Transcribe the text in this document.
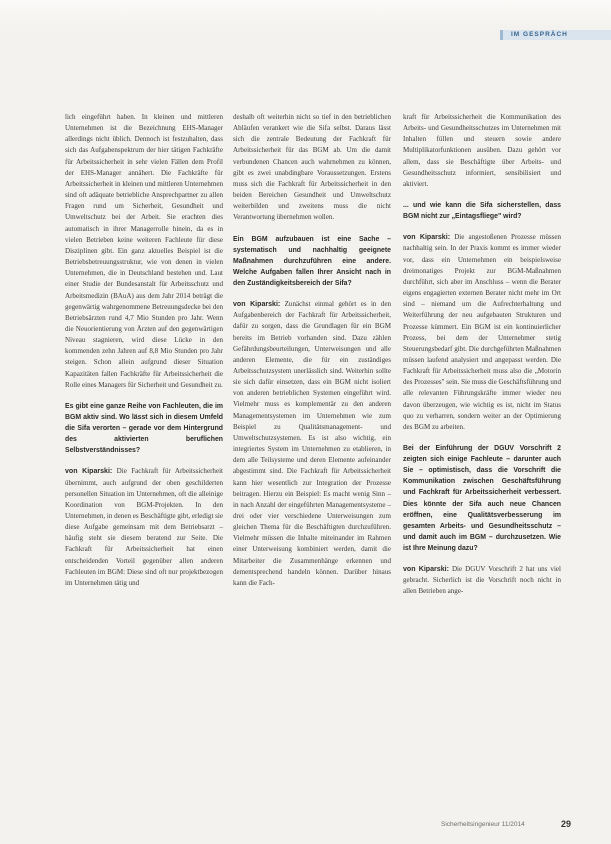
IM GESPRÄCH

lich eingeführt haben. In kleinen und mittleren Unternehmen ist die Bezeichnung EHS-Manager allerdings nicht üblich. Dennoch ist festzuhalten, dass sich das Aufgabenspektrum der hier tätigen Fachkräfte für Arbeitssicherheit in sehr vielen Fällen dem Profil der EHS-Manager annähert. Die Fachkräfte für Arbeitssicherheit in kleinen und mittleren Unternehmen sind oft adäquate betriebliche Ansprechpartner zu allen Fragen rund um Sicherheit, Gesundheit und Umweltschutz bei der Arbeit. Sie erachten dies automatisch in ihrer Managerrolle hinein, da es in vielen Betrieben keine weiteren Fachleute für diese Disziplinen gibt. Ein ganz aktuelles Beispiel ist die Betriebsbetreuungsstruktur, wie von denen in vielen Unternehmen, die in Deutschland bestehen und. Laut einer Studie der Bundesanstalt für Arbeitsschutz und Arbeitsmedizin (BAuA) aus dem Jahr 2014 beträgt die gegenwärtig wahrgenommene Betreuungsdecke bei den Betriebsärzten rund 4,7 Mio Stunden pro Jahr. Wenn die Neuorientierung von Ärzten auf den gegenwärtigen Niveau stagnieren, wird diese Lücke in den kommenden zehn Jahren auf 8,8 Mio Stunden pro Jahr steigen. Schon allein aufgrund dieser Situation Kapazitäten fallen Fachkräfte für Arbeitssicherheit die Rolle eines Managers für Sicherheit und Gesundheit zu.

Es gibt eine ganze Reihe von Fachleuten, die im BGM aktiv sind. Wo lässt sich in diesem Umfeld die Sifa verorten – gerade vor dem Hintergrund des aktivierten beruflichen Selbstverständnisses?

von Kiparski: Die Fachkraft für Arbeitssicherheit übernimmt, auch aufgrund der oben geschilderten personellen Situation im Unternehmen, oft die alleinige Koordination von BGM-Projekten. In den Unternehmen, in denen es Beschäftigte gibt, erledigt sie diese Aufgabe gemeinsam mit dem Betriebsarzt – häufig steht sie diesem beratend zur Seite. Die Fachkraft für Arbeitssicherheit hat einen entscheidenden Vorteil gegenüber allen anderen Fachleuten im BGM: Diese sind oft nur projektbezogen im Unternehmen tätig und

deshalb oft weiterhin nicht so tief in den betrieblichen Abläufen verankert wie die Sifa selbst. Daraus lässt sich die zentrale Bedeutung der Fachkraft für Arbeitssicherheit für das BGM ab. Um die damit verbundenen Chancen auch wahrnehmen zu können, gibt es zwei unabdingbare Voraussetzungen. Erstens muss sich die Fachkraft für Arbeitssicherheit in den beiden Bereichen Gesundheit und Umweltschutz weiterbilden und zweitens muss die nicht Verantwortung übernehmen wollen.

Ein BGM aufzubauen ist eine Sache – systematisch und nachhaltig geeignete Maßnahmen durchzuführen eine andere. Welche Aufgaben fallen Ihrer Ansicht nach in den Zuständigkeitsbereich der Sifa?

von Kiparski: Zunächst einmal gehört es in den Aufgabenbereich der Fachkraft für Arbeitssicherheit, dafür zu sorgen, dass die Grundlagen für ein BGM bereits im Betrieb vorhanden sind. Dazu zählen Gefährdungsbeurteilungen, Unterweisungen und alle anderen Elemente, die für ein zuständiges Arbeitsschutzsystem unerlässlich sind. Weiterhin sollte sie sich dafür einsetzen, dass ein BGM nicht isoliert von anderen betrieblichen Systemen eingeführt wird. Vielmehr muss es komplementär zu den anderen Managementsystemen im Unternehmen wie zum Beispiel zu Qualitätsmanagement- und Umweltschutzsystemen. Es ist also wichtig, ein integriertes System im Unternehmen zu etablieren, in dem alle Teilsysteme und deren Elemente aufeinander abgestimmt sind. Die Fachkraft für Arbeitssicherheit kann hier wesentlich zur Integration der Prozesse beitragen. Hierzu ein Beispiel: Es macht wenig Sinn – in nach Anzahl der eingeführten Managementsysteme – drei oder vier verschiedene Unterweisungen zum gleichen Thema für die Beschäftigten durchzuführen. Vielmehr müssen die Inhalte miteinander im Rahmen einer Unterweisung kombiniert werden, damit die Mitarbeiter die Zusammenhänge erkennen und dementsprechend handeln können. Darüber hinaus kann die Fach-

kraft für Arbeitssicherheit die Kommunikation des Arbeits- und Gesundheitsschutzes im Unternehmen mit Inhalten füllen und steuern sowie andere Multiplikatorfunktionen ausüben. Dazu gehört vor allem, dass sie Beschäftigte über Arbeits- und Gesundheitsschutz informiert, sensibilisiert und aktiviert.

... und wie kann die Sifa sicherstellen, dass BGM nicht zur „Eintagsfliege" wird?

von Kiparski: Die angestoßenen Prozesse müssen nachhaltig sein. In der Praxis kommt es immer wieder vor, dass ein Unternehmen ein beispielsweise dreimonatiges Projekt zur BGM-Maßnahmen durchführt, sich aber im Anschluss – wenn die Berater eigens engagierten externen Berater nicht mehr im Ort sind – niemand um die Aufrechterhaltung und Weiterführung der neu aufgebauten Strukturen und Prozesse kümmert. Ein BGM ist ein kontinuierlicher Prozess, bei dem der Unternehmer stetig Steuerungsbedarf gibt. Die durchgeführten Maßnahmen müssen laufend analysiert und angepasst werden. Die Fachkraft für Arbeitssicherheit muss also die „Motorin des Prozesses" sein. Sie muss die Geschäftsführung und alle relevanten Führungskräfte immer wieder neu davon überzeugen, wie wichtig es ist, nicht im Status quo zu verharren, sondern weiter an der Optimierung des BGM zu arbeiten.

Bei der Einführung der DGUV Vorschrift 2 zeigten sich einige Fachleute – darunter auch Sie – optimistisch, dass die Vorschrift die Kommunikation zwischen Geschäftsführung und Fachkraft für Arbeitssicherheit verbessert. Dies könnte der Sifa auch neue Chancen eröffnen, eine Qualitätsverbesserung im gesamten Arbeits- und Gesundheitsschutz – und damit auch im BGM – durchzusetzen. Wie ist Ihre Meinung dazu?

von Kiparski: Die DGUV Vorschrift 2 hat uns viel gebracht. Sicherlich ist die Vorschrift noch nicht in allen Betrieben ange-

Sicherheitsingenieur 11/2014	29
